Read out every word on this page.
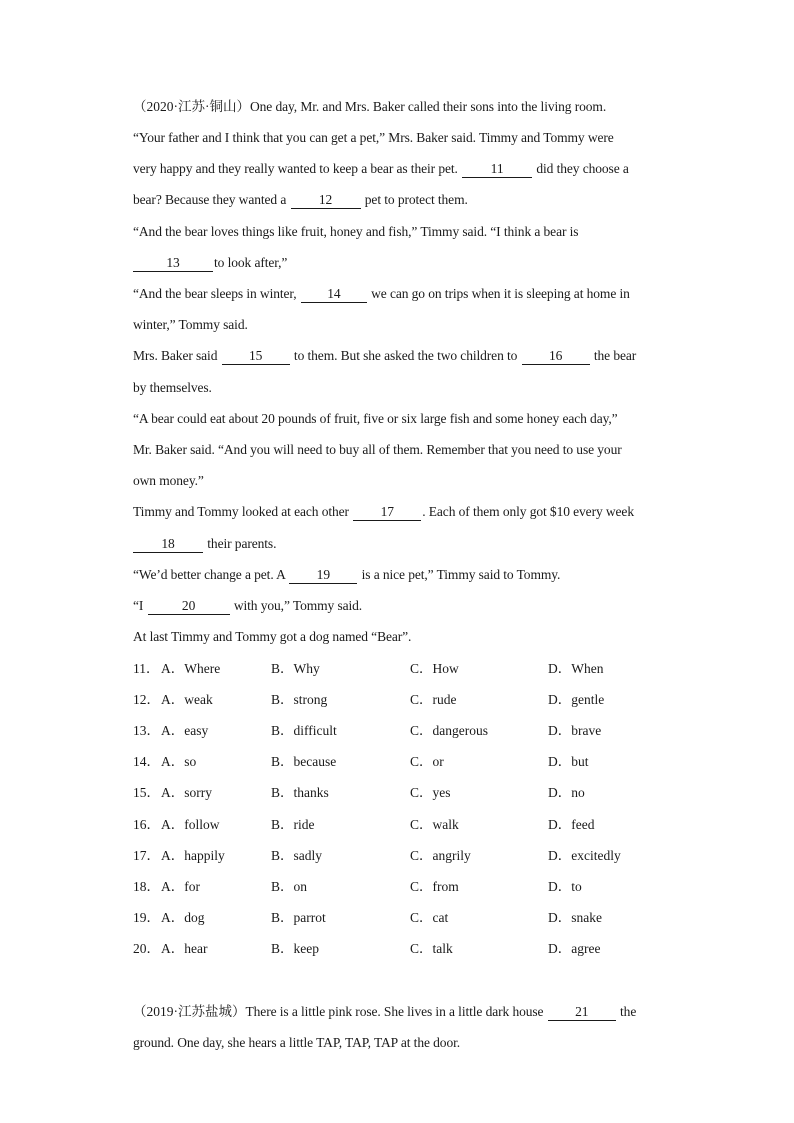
（2020·江苏·铜山）One day, Mr. and Mrs. Baker called their sons into the living room.
“Your father and I think that you can get a pet,” Mrs. Baker said. Timmy and Tommy were
very happy and they really wanted to keep a bear as their pet. 11 did they choose a
bear? Because they wanted a 12 pet to protect them.
“And the bear loves things like fruit, honey and fish,” Timmy said. “I think a bear is
13	to look after,”
“And the bear sleeps in winter, 14 we can go on trips when it is sleeping at home in
winter,” Tommy said.
Mrs. Baker said 15 to them. But she asked the two children to 16 the bear
by themselves.
“A bear could eat about 20 pounds of fruit, five or six large fish and some honey each day,”
Mr. Baker said. “And you will need to buy all of them. Remember that you need to use your
own money.”
Timmy and Tommy looked at each other 17 . Each of them only got $10 every week
18 their parents.
“We’d better change a pet. A 19 is a nice pet,” Timmy said to Tommy.
“I	20	with you,” Tommy said.
At last Timmy and Tommy got a dog named “Bear”.
11． A．Where	B．Why	C．How	D．When
12． A．weak	B．strong	C．rude	D．gentle
13． A．easy	B．difficult	C．dangerous	D．brave
14． A．so	B．because	C．or	D．but
15． A．sorry	B．thanks	C．yes	D．no
16． A．follow	B．ride	C．walk	D．feed
17． A．happily	B．sadly	C．angrily	D．excitedly
18． A．for	B．on	C．from	D．to
19． A．dog	B．parrot	C．cat	D．snake
20． A．hear	B．keep	C．talk	D．agree
（2019·江苏盐城）There is a little pink rose. She lives in a little dark house 21 the
ground. One day, she hears a little TAP, TAP, TAP at the door.
